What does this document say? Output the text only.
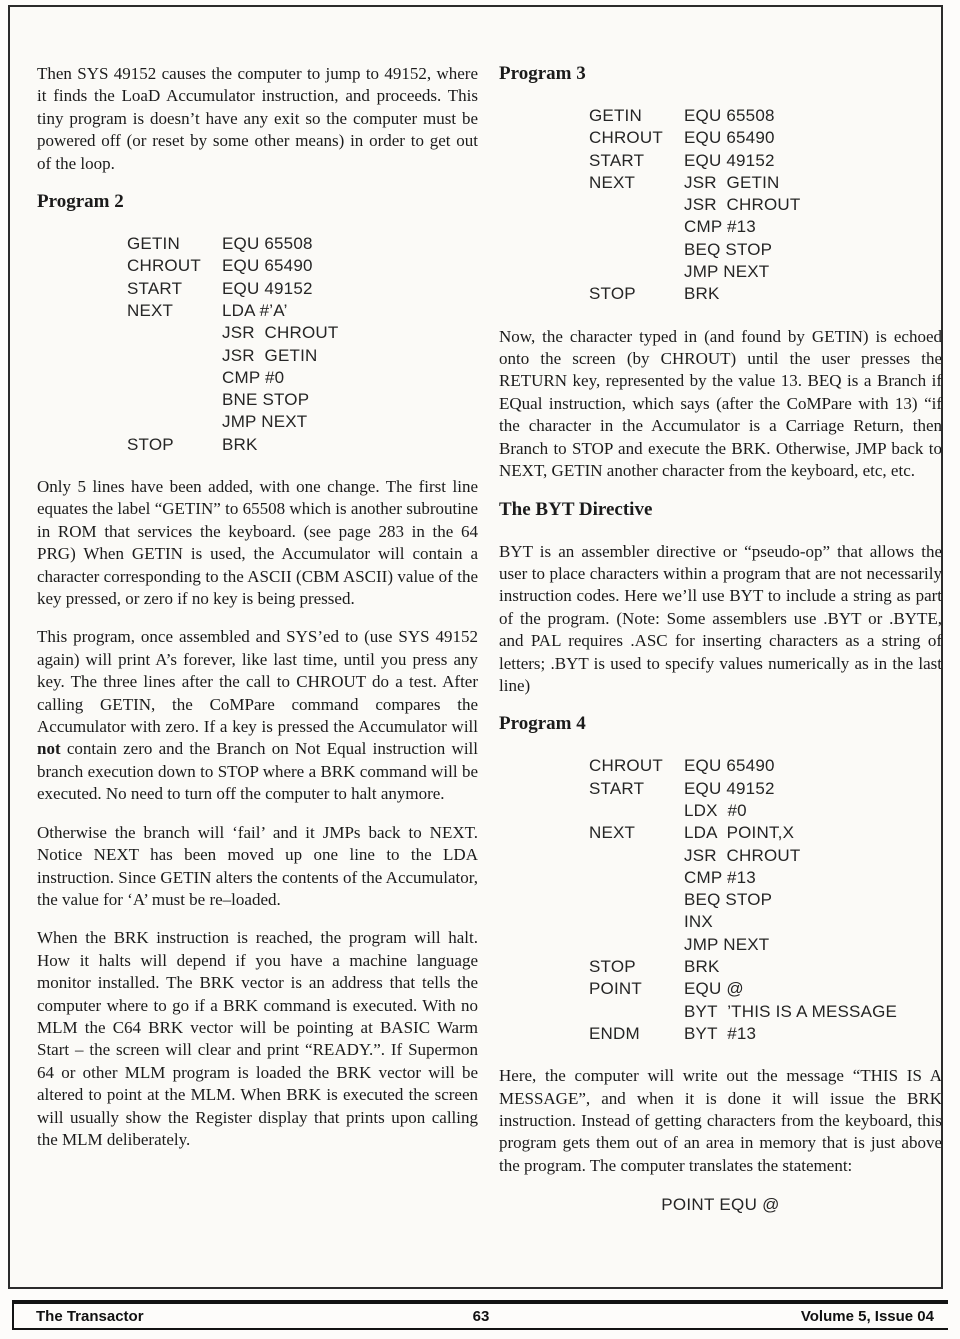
Then SYS 49152 causes the computer to jump to 49152, where it finds the LoaD Accumulator instruction, and proceeds. This tiny program is doesn’t have any exit so the computer must be powered off (or reset by some other means) in order to get out of the loop.

Program 2
GETIN	EQU 65508
CHROUT	EQU 65490
START	EQU 49152
NEXT	LDA #’A’
JSR  CHROUT
JSR  GETIN
CMP #0
BNE STOP
JMP NEXT
STOP	BRK

Only 5 lines have been added, with one change. The first line equates the label “GETIN” to 65508 which is another subroutine in ROM that services the keyboard. (see page 283 in the 64 PRG) When GETIN is used, the Accumulator will contain a character corresponding to the ASCII (CBM ASCII) value of the key pressed, or zero if no key is being pressed.

This program, once assembled and SYS’ed to (use SYS 49152 again) will print A’s forever, like last time, until you press any key. The three lines after the call to CHROUT do a test. After calling GETIN, the CoMPare command compares the Accumulator with zero. If a key is pressed the Accumulator will not contain zero and the Branch on Not Equal instruction will branch execution down to STOP where a BRK command will be executed. No need to turn off the computer to halt anymore.

Otherwise the branch will ‘fail’ and it JMPs back to NEXT. Notice NEXT has been moved up one line to the LDA instruction. Since GETIN alters the contents of the Accumulator, the value for ‘A’ must be re–loaded.

When the BRK instruction is reached, the program will halt. How it halts will depend if you have a machine language monitor installed. The BRK vector is an address that tells the computer where to go if a BRK command is executed. With no MLM the C64 BRK vector will be pointing at BASIC Warm Start – the screen will clear and print “READY.”. If Supermon 64 or other MLM program is loaded the BRK vector will be altered to point at the MLM. When BRK is executed the screen will usually show the Register display that prints upon calling the MLM deliberately.

Program 3
GETIN	EQU 65508
CHROUT	EQU 65490
START	EQU 49152
NEXT	JSR  GETIN
JSR  CHROUT
CMP #13
BEQ STOP
JMP NEXT
STOP	BRK

Now, the character typed in (and found by GETIN) is echoed onto the screen (by CHROUT) until the user presses the RETURN key, represented by the value 13. BEQ is a Branch if EQual instruction, which says (after the CoMPare with 13) “if the character in the Accumulator is a Carriage Return, then Branch to STOP and execute the BRK. Otherwise, JMP back to NEXT, GETIN another character from the keyboard, etc, etc.

The BYT Directive

BYT is an assembler directive or “pseudo-op” that allows the user to place characters within a program that are not necessarily instruction codes. Here we’ll use BYT to include a string as part of the program. (Note: Some assemblers use .BYT or .BYTE, and PAL requires .ASC for inserting characters as a string of letters; .BYT is used to specify values numerically as in the last line)

Program 4
CHROUT	EQU 65490
START	EQU 49152
LDX  #0
NEXT	LDA  POINT,X
JSR  CHROUT
CMP #13
BEQ STOP
INX
JMP NEXT
STOP	BRK
POINT	EQU @
BYT  ’THIS IS A MESSAGE
ENDM	BYT  #13

Here, the computer will write out the message “THIS IS A MESSAGE”, and when it is done it will issue the BRK instruction. Instead of getting characters from the keyboard, this program gets them out of an area in memory that is just above the program. The computer translates the statement:

POINT EQU @
The Transactor	63	Volume 5, Issue 04
